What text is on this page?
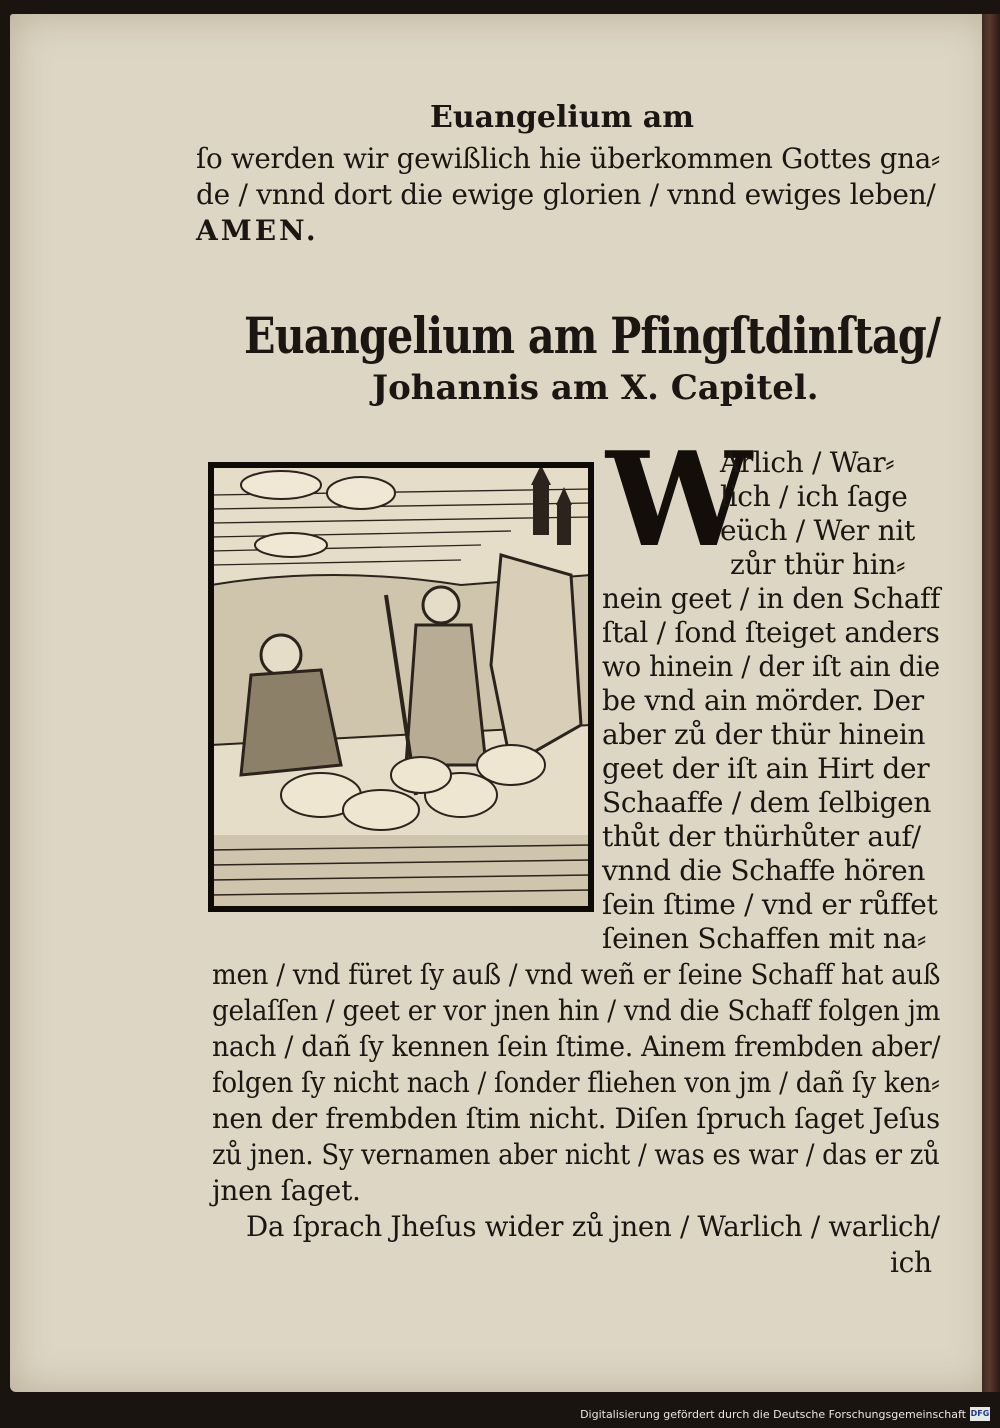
Euangelium am
ſo werden wir gewißlich hie überkommen Gottes gna⸗
de / vnnd dort die ewige glorien / vnnd ewiges leben/
AMEN.
Euangelium am Pfingſtdinſtag/
Johannis am X. Capitel.
W
Arlich / War⸗
lich / ich ſage
eüch / Wer nit
zůr thür hin⸗
nein geet / in den Schaff
ſtal / ſond ſteiget anders
wo hinein / der iſt ain die
be vnd ain mörder. Der
aber zů der thür hinein
geet der iſt ain Hirt der
Schaaffe / dem ſelbigen
thůt der thürhůter auf/
vnnd die Schaffe hören
ſein ſtime / vnd er růffet
ſeinen Schaffen mit na⸗
men / vnd füret ſy auß / vnd weñ er ſeine Schaff hat auß
gelaſſen / geet er vor jnen hin / vnd die Schaff folgen jm
nach / dañ ſy kennen ſein ſtime. Ainem frembden aber/
folgen ſy nicht nach / ſonder fliehen von jm / dañ ſy ken⸗
nen der frembden ſtim nicht. Diſen ſpruch ſaget Jeſus
zů jnen. Sy vernamen aber nicht / was es war / das er zů
jnen ſaget.
Da ſprach Jheſus wider zů jnen / Warlich / warlich/
ich
Digitalisierung gefördert durch die Deutsche Forschungsgemeinschaft DFG
